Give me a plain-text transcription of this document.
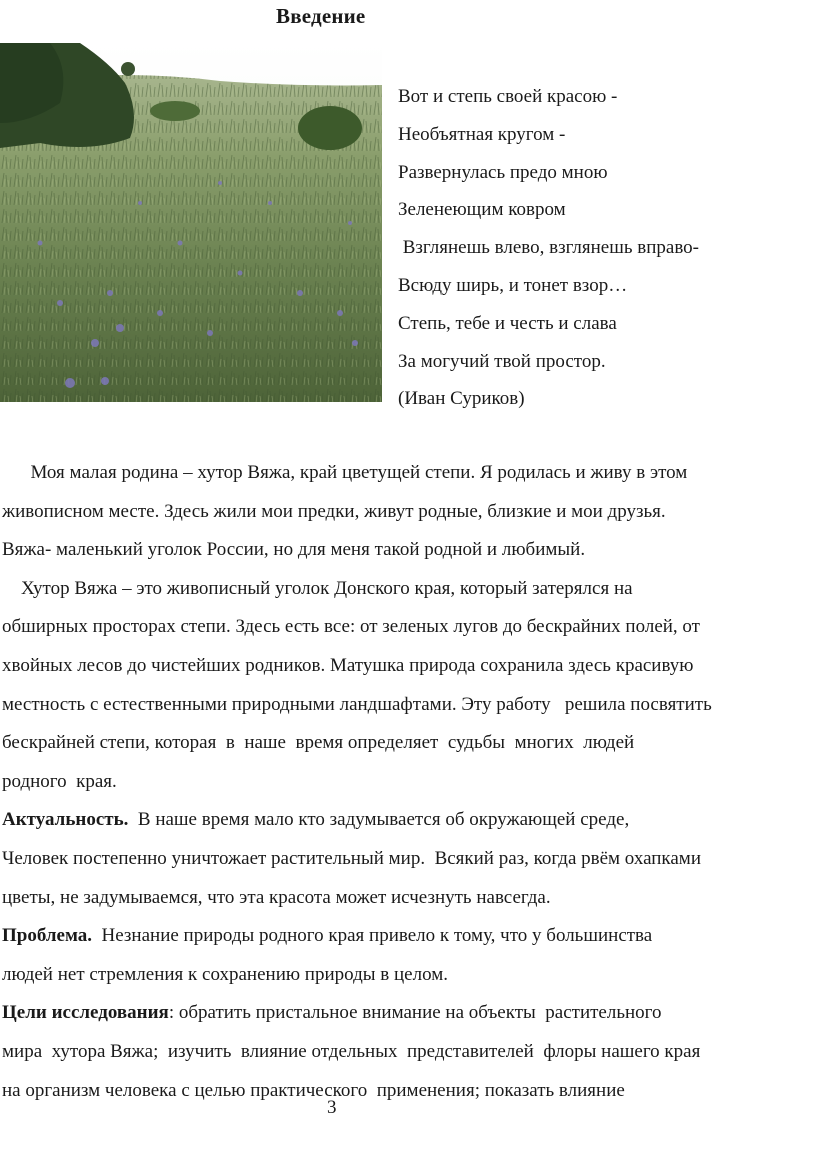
Введение
Вот и степь своей красою -
Необъятная кругом -
Развернулась предо мною
Зеленеющим ковром
Взглянешь влево, взглянешь вправо-
Всюду ширь, и тонет взор…
Степь, тебе и честь и слава
За могучий твой простор.
(Иван Суриков)
Моя малая родина – хутор Вяжа, край цветущей степи. Я родилась и живу в этом
живописном месте. Здесь жили мои предки, живут родные, близкие и мои друзья.
Вяжа- маленький уголок России, но для меня такой родной и любимый.
Хутор Вяжа – это живописный уголок Донского края, который затерялся на
обширных просторах степи. Здесь есть все: от зеленых лугов до бескрайних полей, от
хвойных лесов до чистейших родников. Матушка природа сохранила здесь красивую
местность с естественными природными ландшафтами. Эту работу   решила посвятить
бескрайней степи, которая  в  наше  время определяет  судьбы  многих  людей
родного  края.
Актуальность.  В наше время мало кто задумывается об окружающей среде,
Человек постепенно уничтожает растительный мир.  Всякий раз, когда рвём охапками
цветы, не задумываемся, что эта красота может исчезнуть навсегда.
Проблема.  Незнание природы родного края привело к тому, что у большинства
людей нет стремления к сохранению природы в целом.
Цели исследования: обратить пристальное внимание на объекты  растительного
мира  хутора Вяжа;  изучить  влияние отдельных  представителей  флоры нашего края
на организм человека с целью практического  применения; показать влияние
3
